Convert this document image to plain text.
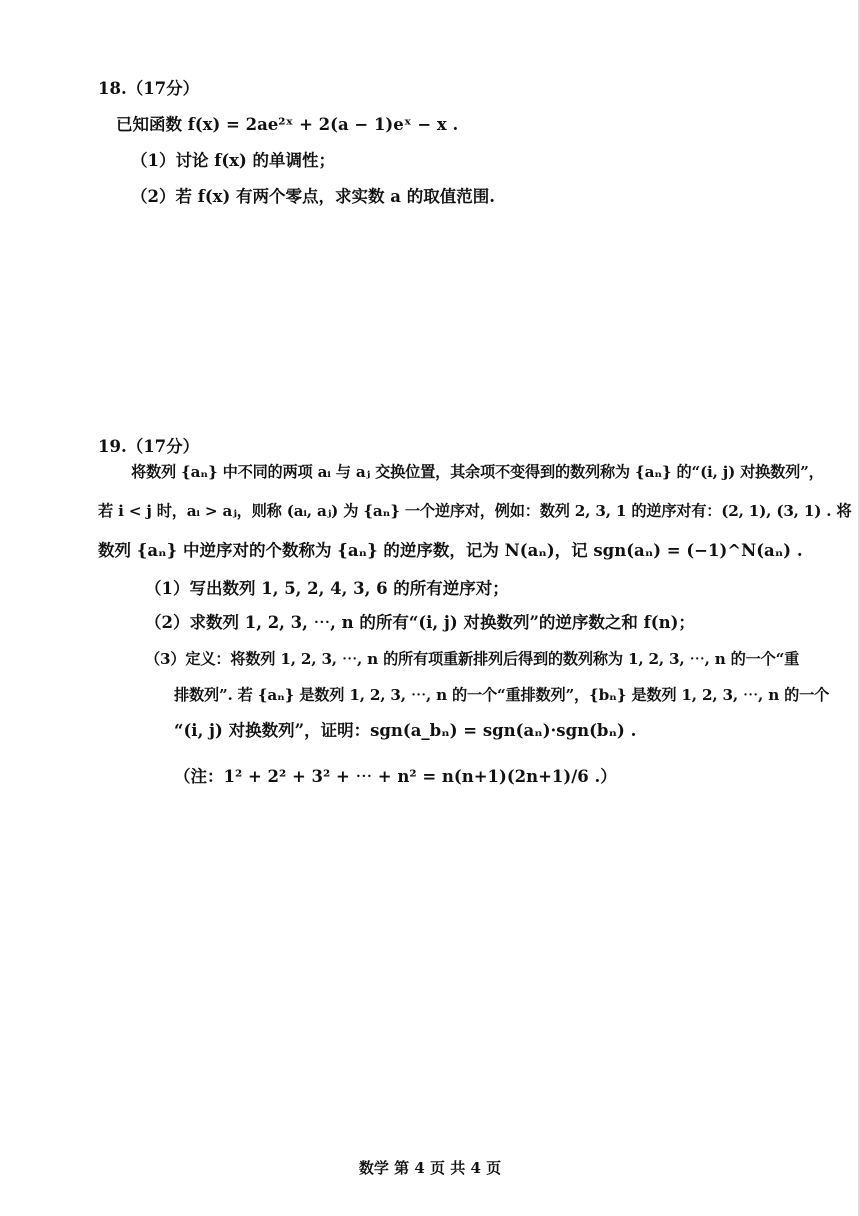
18.（17分）
已知函数 f(x) = 2ae²ˣ + 2(a − 1)eˣ − x .
（1）讨论 f(x) 的单调性；
（2）若 f(x) 有两个零点，求实数 a 的取值范围.
19.（17分）
将数列 {aₙ} 中不同的两项 aᵢ 与 aⱼ 交换位置，其余项不变得到的数列称为 {aₙ} 的“(i, j) 对换数列”，
若 i < j 时，aᵢ > aⱼ，则称 (aᵢ, aⱼ) 为 {aₙ} 一个逆序对，例如：数列 2, 3, 1 的逆序对有：(2, 1), (3, 1) . 将
数列 {aₙ} 中逆序对的个数称为 {aₙ} 的逆序数，记为 N(aₙ)，记 sgn(aₙ) = (−1)^N(aₙ) .
（1）写出数列 1, 5, 2, 4, 3, 6 的所有逆序对；
（2）求数列 1, 2, 3, ⋯, n 的所有“(i, j) 对换数列”的逆序数之和 f(n)；
（3）定义：将数列 1, 2, 3, ⋯, n 的所有项重新排列后得到的数列称为 1, 2, 3, ⋯, n 的一个“重
排数列”. 若 {aₙ} 是数列 1, 2, 3, ⋯, n 的一个“重排数列”，{bₙ} 是数列 1, 2, 3, ⋯, n 的一个
“(i, j) 对换数列”，证明：sgn(a_bₙ) = sgn(aₙ)·sgn(bₙ) .
（注：1² + 2² + 3² + ⋯ + n² = n(n+1)(2n+1)/6 .）
数学 第 4 页 共 4 页
